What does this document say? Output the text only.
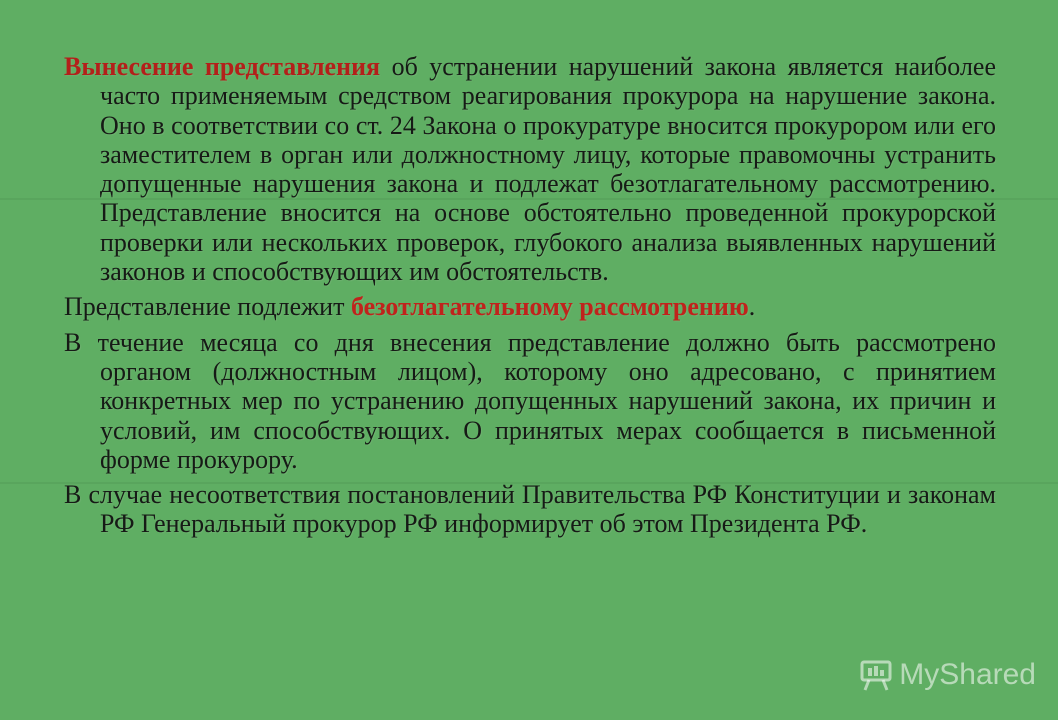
Вынесение представления об устранении нарушений закона является наиболее часто применяемым средством реагирования прокурора на нарушение закона. Оно в соответствии со ст. 24 Закона о прокуратуре вносится прокурором или его заместителем в орган или должностному лицу, которые правомочны устранить допущенные нарушения закона и подлежат безотлагательному рассмотрению. Представление вносится на основе обстоятельно проведенной прокурорской проверки или нескольких проверок, глубокого анализа выявленных нарушений законов и способствующих им обстоятельств.

Представление подлежит безотлагательному рассмотрению.

В течение месяца со дня внесения представление должно быть рассмотрено органом (должностным лицом), которому оно адресовано, с принятием конкретных мер по устранению допущенных нарушений закона, их причин и условий, им способствующих. О принятых мерах сообщается в письменной форме прокурору.

В случае несоответствия постановлений Правительства РФ Конституции и законам РФ Генеральный прокурор РФ информирует об этом Президента РФ.

MyShared
